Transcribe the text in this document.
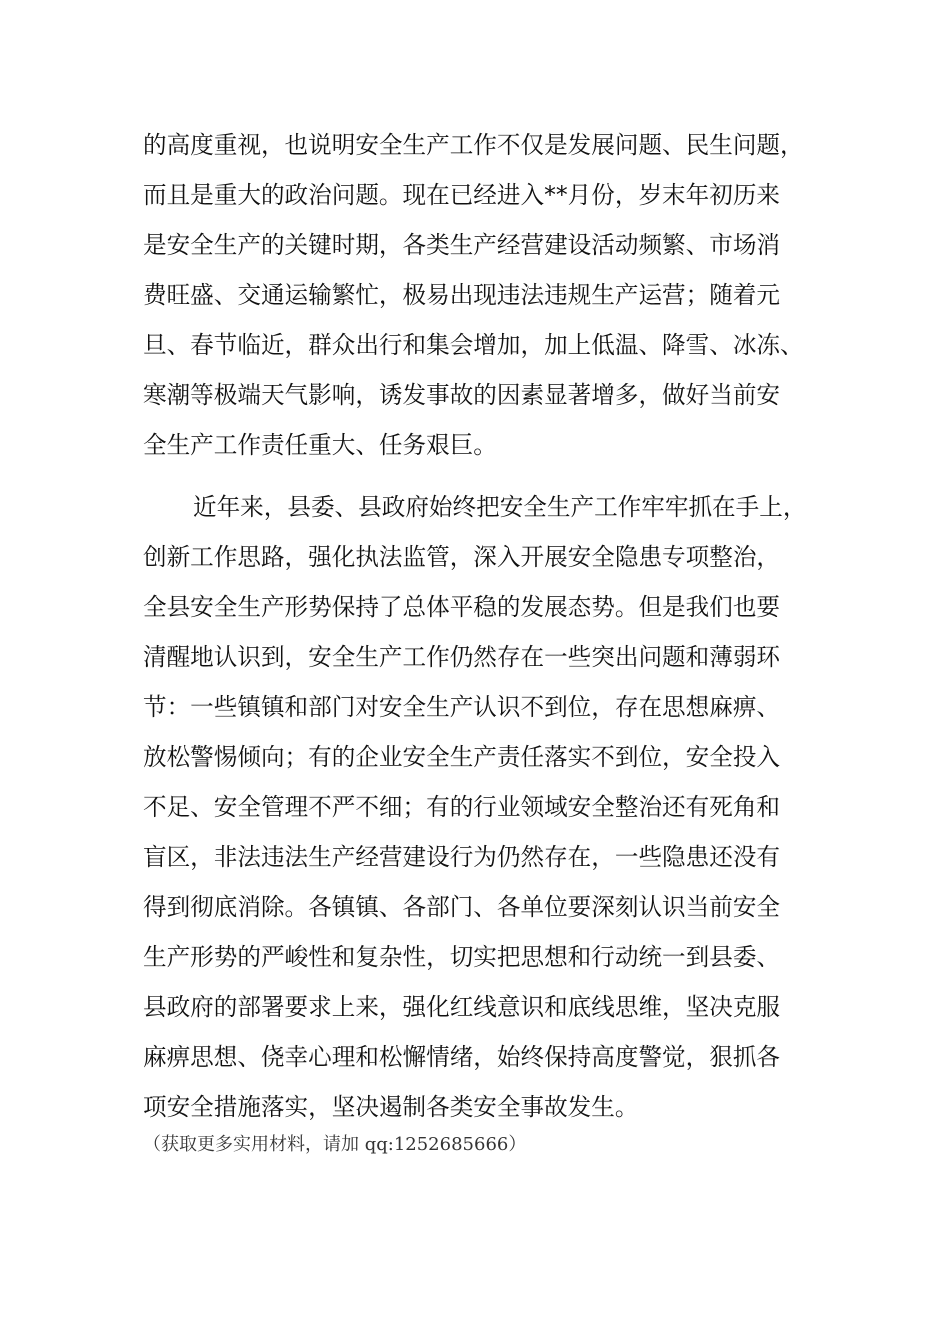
的高度重视，也说明安全生产工作不仅是发展问题、民生问题，
而且是重大的政治问题。现在已经进入**月份，岁末年初历来
是安全生产的关键时期，各类生产经营建设活动频繁、市场消
费旺盛、交通运输繁忙，极易出现违法违规生产运营；随着元
旦、春节临近，群众出行和集会增加，加上低温、降雪、冰冻、
寒潮等极端天气影响，诱发事故的因素显著增多，做好当前安
全生产工作责任重大、任务艰巨。
近年来，县委、县政府始终把安全生产工作牢牢抓在手上，
创新工作思路，强化执法监管，深入开展安全隐患专项整治，
全县安全生产形势保持了总体平稳的发展态势。但是我们也要
清醒地认识到，安全生产工作仍然存在一些突出问题和薄弱环
节：一些镇镇和部门对安全生产认识不到位，存在思想麻痹、
放松警惕倾向；有的企业安全生产责任落实不到位，安全投入
不足、安全管理不严不细；有的行业领域安全整治还有死角和
盲区，非法违法生产经营建设行为仍然存在，一些隐患还没有
得到彻底消除。各镇镇、各部门、各单位要深刻认识当前安全
生产形势的严峻性和复杂性，切实把思想和行动统一到县委、
县政府的部署要求上来，强化红线意识和底线思维，坚决克服
麻痹思想、侥幸心理和松懈情绪，始终保持高度警觉，狠抓各
项安全措施落实，坚决遏制各类安全事故发生。
（获取更多实用材料，请加 qq:1252685666）
